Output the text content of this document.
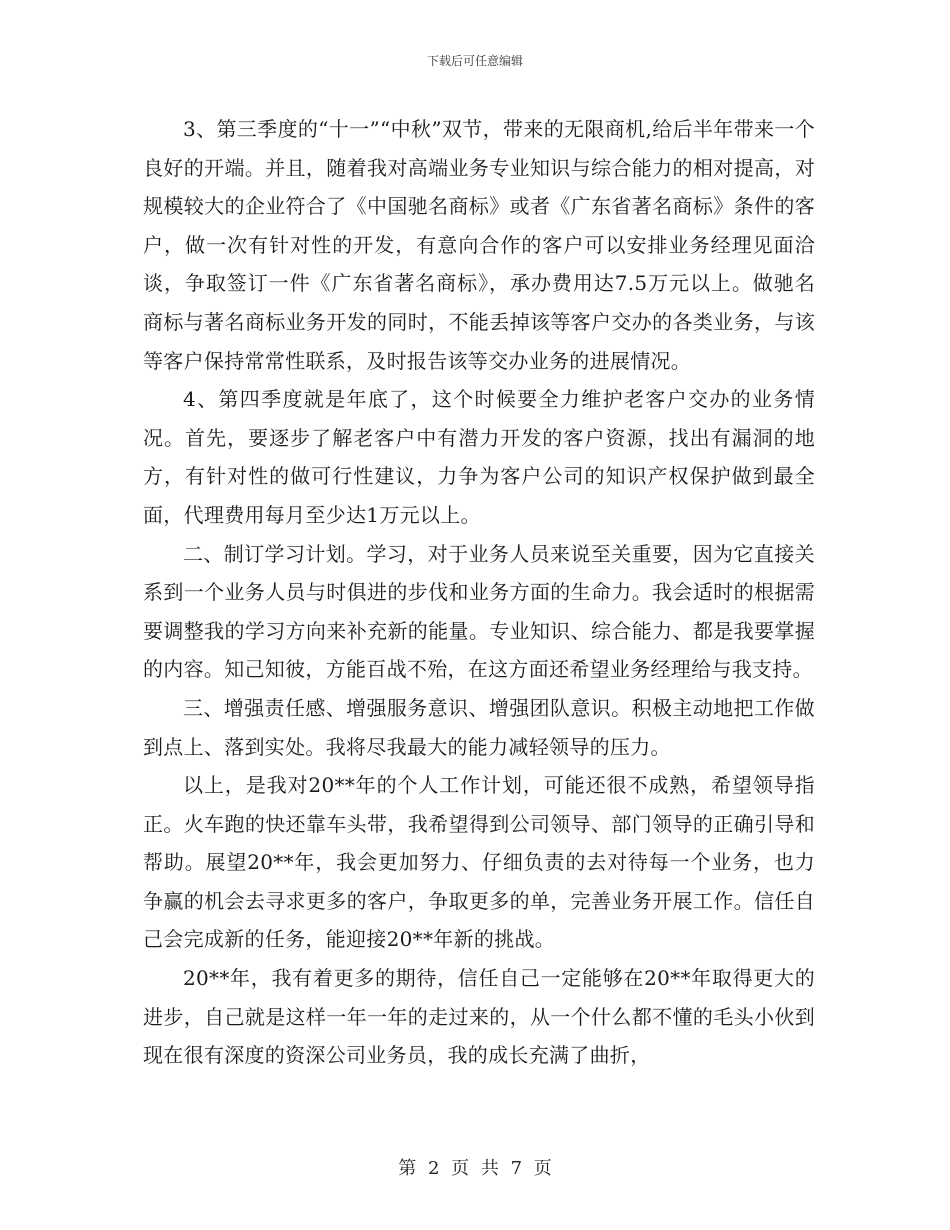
下载后可任意编辑

3、第三季度的“十一”“中秋”双节，带来的无限商机,给后半年带来一个良好的开端。并且，随着我对高端业务专业知识与综合能力的相对提高，对规模较大的企业符合了《中国驰名商标》或者《广东省著名商标》条件的客户，做一次有针对性的开发，有意向合作的客户可以安排业务经理见面洽谈，争取签订一件《广东省著名商标》，承办费用达7.5万元以上。做驰名商标与著名商标业务开发的同时，不能丢掉该等客户交办的各类业务，与该等客户保持常常性联系，及时报告该等交办业务的进展情况。

4、第四季度就是年底了，这个时候要全力维护老客户交办的业务情况。首先，要逐步了解老客户中有潜力开发的客户资源，找出有漏洞的地方，有针对性的做可行性建议，力争为客户公司的知识产权保护做到最全面，代理费用每月至少达1万元以上。

二、制订学习计划。学习，对于业务人员来说至关重要，因为它直接关系到一个业务人员与时俱进的步伐和业务方面的生命力。我会适时的根据需要调整我的学习方向来补充新的能量。专业知识、综合能力、都是我要掌握的内容。知己知彼，方能百战不殆，在这方面还希望业务经理给与我支持。

三、增强责任感、增强服务意识、增强团队意识。积极主动地把工作做到点上、落到实处。我将尽我最大的能力减轻领导的压力。

以上，是我对20**年的个人工作计划，可能还很不成熟，希望领导指正。火车跑的快还靠车头带，我希望得到公司领导、部门领导的正确引导和帮助。展望20**年，我会更加努力、仔细负责的去对待每一个业务，也力争赢的机会去寻求更多的客户，争取更多的单，完善业务开展工作。信任自己会完成新的任务，能迎接20**年新的挑战。

20**年，我有着更多的期待，信任自己一定能够在20**年取得更大的进步，自己就是这样一年一年的走过来的，从一个什么都不懂的毛头小伙到现在很有深度的资深公司业务员，我的成长充满了曲折，

第 2 页 共 7 页
